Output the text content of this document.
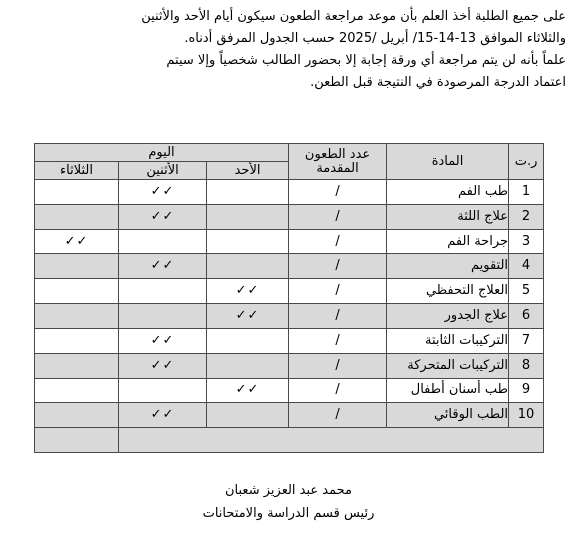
على جميع الطلبة أخذ العلم بأن موعد مراجعة الطعون سيكون أيام الأحد والأثنين
والثلاثاء الموافق 13-14-15/ أبريل /2025 حسب الجدول المرفق أدناه.
علماً بأنه لن يتم مراجعة أي ورقة إجابة إلا بحضور الطالب شخصياً وإلا سيتم
اعتماد الدرجة المرصودة في النتيجة قبل الطعن.
ر.ت	المادة	عدد الطعون
المقدمة	اليوم		
			الأحد	الأثنين	الثلاثاء
1	طب الفم	/		✓✓	
2	علاج اللثة	/		✓✓	
3	جراحة الفم	/			✓✓
4	التقويم	/		✓✓	
5	العلاج التحفظي	/	✓✓		
6	علاج الجدور	/	✓✓		
7	التركيبات الثابتة	/		✓✓	
8	التركيبات المتحركة	/		✓✓	
9	طب أسنان أطفال	/	✓✓		
10	الطب الوقائي	/		✓✓	

محمد عبد العزيز شعبان
رئيس قسم الدراسة والامتحانات
